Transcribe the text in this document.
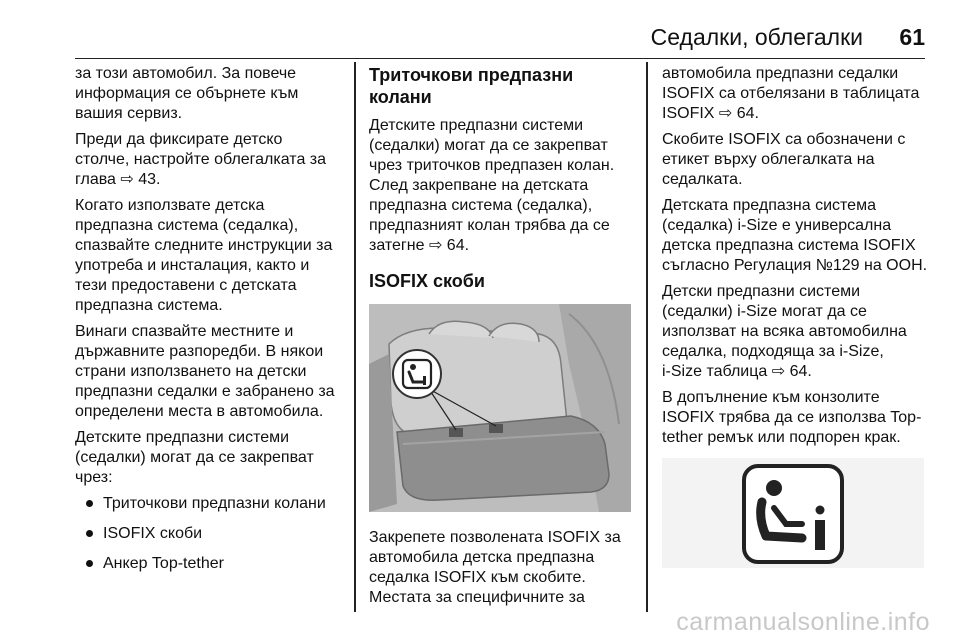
Седалки, облегалки 61

за този автомобил. За повече
информация се обърнете към
вашия сервиз.

Преди да фиксирате детско
столче, настройте облегалката за
глава ⇨ 43.

Когато използвате детска
предпазна система (седалка),
спазвайте следните инструкции за
употреба и инсталация, както и
тези предоставени с детската
предпазна система.

Винаги спазвайте местните и
държавните разпоредби. В някои
страни използването на детски
предпазни седалки е забранено за
определени места в автомобила.

Детските предпазни системи
(седалки) могат да се закрепват
чрез:

Триточкови предпазни колани
ISOFIX скоби
Анкер Top-tether
Триточкови предпазни колани

Детските предпазни системи
(седалки) могат да се закрепват
чрез триточков предпазен колан.
След закрепване на детската
предпазна система (седалка),
предпазният колан трябва да се
затегне ⇨ 64.

ISOFIX скоби

Закрепете позволената ISOFIX за
автомобила детска предпазна
седалка ISOFIX към скобите.
Местата за специфичните за

автомобила предпазни седалки
ISOFIX са отбелязани в таблицата
ISOFIX ⇨ 64.

Скобите ISOFIX са обозначени с
етикет върху облегалката на
седалката.

Детската предпазна система
(седалка) i-Size е универсална
детска предпазна система ISOFIX
съгласно Регулация №129 на ООН.

Детски предпазни системи
(седалки) i-Size могат да се
използват на всяка автомобилна
седалка, подходяща за i-Size,
i-Size таблица ⇨ 64.

В допълнение към конзолите
ISOFIX трябва да се използва Top-
tether ремък или подпорен крак.

carmanualsonline.info
